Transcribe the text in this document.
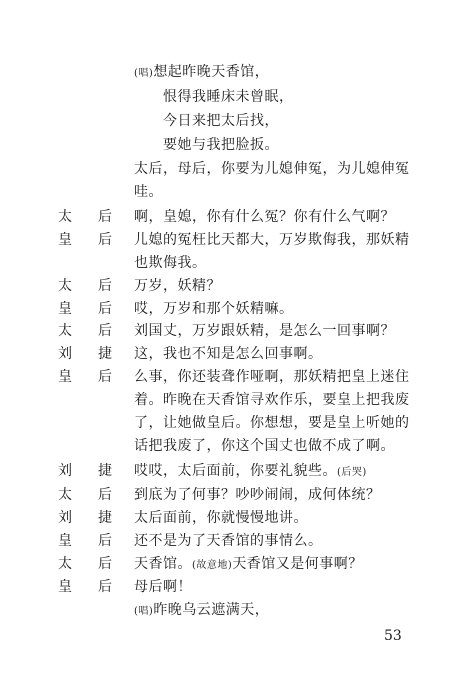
(唱)想起昨晚天香馆，
恨得我睡床未曾眠，
今日来把太后找，
要她与我把脸扳。
太后，母后，你要为儿媳伸冤，为儿媳伸冤
哇。
太后
啊，皇媳，你有什么冤？你有什么气啊？
皇后
儿媳的冤枉比天都大，万岁欺侮我，那妖精
也欺侮我。
太后
万岁，妖精？
皇后
哎，万岁和那个妖精嘛。
太后
刘国丈，万岁跟妖精，是怎么一回事啊？
刘捷
这，我也不知是怎么回事啊。
皇后
么事，你还装聋作哑啊，那妖精把皇上迷住
着。昨晚在天香馆寻欢作乐，要皇上把我废
了，让她做皇后。你想想，要是皇上听她的
话把我废了，你这个国丈也做不成了啊。
刘捷
哎哎，太后面前，你要礼貌些。(后哭)
太后
到底为了何事？吵吵闹闹，成何体统？
刘捷
太后面前，你就慢慢地讲。
皇后
还不是为了天香馆的事情么。
太后
天香馆。(故意地)天香馆又是何事啊？
皇后
母后啊！
(唱)昨晚乌云遮满天，
53
